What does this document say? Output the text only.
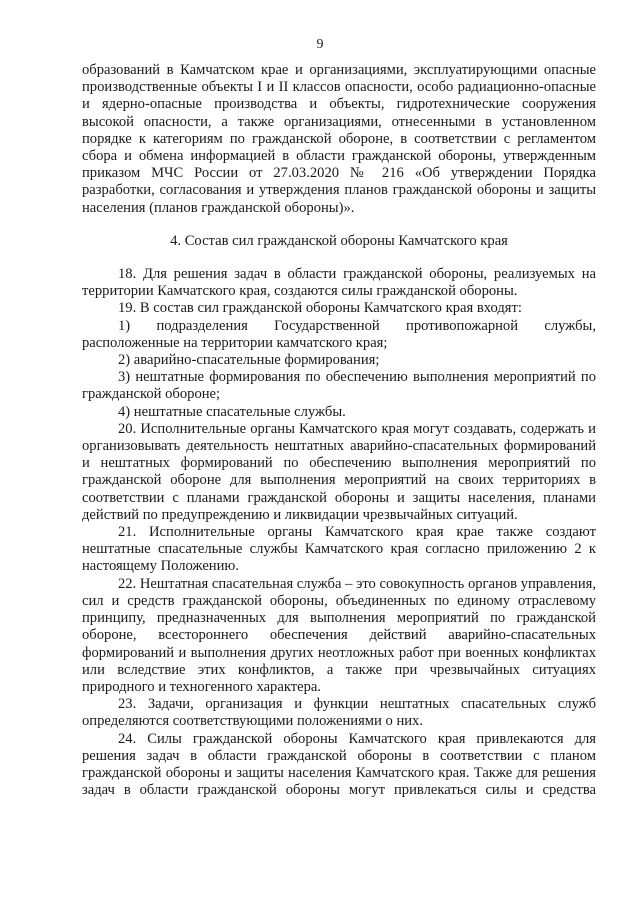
9

образований в Камчатском крае и организациями, эксплуатирующими опасные производственные объекты I и II классов опасности, особо радиационно-опасные и ядерно-опасные производства и объекты, гидротехнические сооружения высокой опасности, а также организациями, отнесенными в установленном порядке к категориям по гражданской обороне, в соответствии с регламентом сбора и обмена информацией в области гражданской обороны, утвержденным приказом МЧС России от 27.03.2020 № 216 «Об утверждении Порядка разработки, согласования и утверждения планов гражданской обороны и защиты населения (планов гражданской обороны)».

4. Состав сил гражданской обороны Камчатского края

18. Для решения задач в области гражданской обороны, реализуемых на территории Камчатского края, создаются силы гражданской обороны.

19. В состав сил гражданской обороны Камчатского края входят:

1) подразделения Государственной противопожарной службы, расположенные на территории камчатского края;

2) аварийно-спасательные формирования;

3) нештатные формирования по обеспечению выполнения мероприятий по гражданской обороне;

4) нештатные спасательные службы.

20. Исполнительные органы Камчатского края могут создавать, содержать и организовывать деятельность нештатных аварийно-спасательных формирований и нештатных формирований по обеспечению выполнения мероприятий по гражданской обороне для выполнения мероприятий на своих территориях в соответствии с планами гражданской обороны и защиты населения, планами действий по предупреждению и ликвидации чрезвычайных ситуаций.

21. Исполнительные органы Камчатского края крае также создают нештатные спасательные службы Камчатского края согласно приложению 2 к настоящему Положению.

22. Нештатная спасательная служба – это совокупность органов управления, сил и средств гражданской обороны, объединенных по единому отраслевому принципу, предназначенных для выполнения мероприятий по гражданской обороне, всестороннего обеспечения действий аварийно-спасательных формирований и выполнения других неотложных работ при военных конфликтах или вследствие этих конфликтов, а также при чрезвычайных ситуациях природного и техногенного характера.

23. Задачи, организация и функции нештатных спасательных служб определяются соответствующими положениями о них.

24. Силы гражданской обороны Камчатского края привлекаются для решения задач в области гражданской обороны в соответствии с планом гражданской обороны и защиты населения Камчатского края. Также для решения задач в области гражданской обороны могут привлекаться силы и средства
